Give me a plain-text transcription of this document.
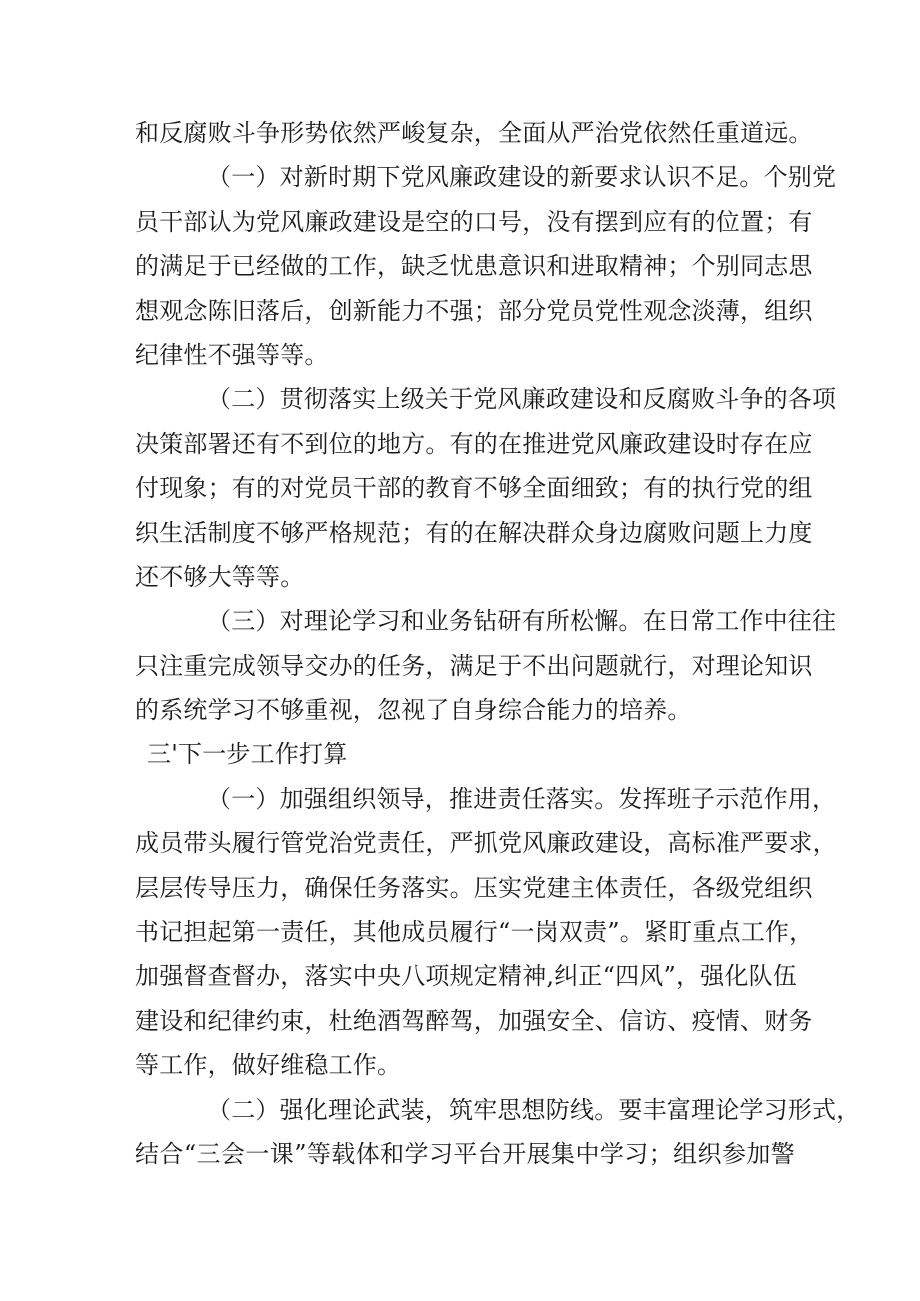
和反腐败斗争形势依然严峻复杂，全面从严治党依然任重道远。
（一）对新时期下党风廉政建设的新要求认识不足。个别党
员干部认为党风廉政建设是空的口号，没有摆到应有的位置；有
的满足于已经做的工作，缺乏忧患意识和进取精神；个别同志思
想观念陈旧落后，创新能力不强；部分党员党性观念淡薄，组织
纪律性不强等等。
（二）贯彻落实上级关于党风廉政建设和反腐败斗争的各项
决策部署还有不到位的地方。有的在推进党风廉政建设时存在应
付现象；有的对党员干部的教育不够全面细致；有的执行党的组
织生活制度不够严格规范；有的在解决群众身边腐败问题上力度
还不够大等等。
（三）对理论学习和业务钻研有所松懈。在日常工作中往往
只注重完成领导交办的任务，满足于不出问题就行，对理论知识
的系统学习不够重视，忽视了自身综合能力的培养。
三'下一步工作打算
（一）加强组织领导，推进责任落实。发挥班子示范作用，
成员带头履行管党治党责任，严抓党风廉政建设，高标准严要求，
层层传导压力，确保任务落实。压实党建主体责任，各级党组织
书记担起第一责任，其他成员履行“一岗双责”。紧盯重点工作，
加强督查督办，落实中央八项规定精神,纠正“四风”，强化队伍
建设和纪律约束，杜绝酒驾醉驾，加强安全、信访、疫情、财务
等工作，做好维稳工作。
（二）强化理论武装，筑牢思想防线。要丰富理论学习形式，
结合“三会一课”等载体和学习平台开展集中学习；组织参加警
